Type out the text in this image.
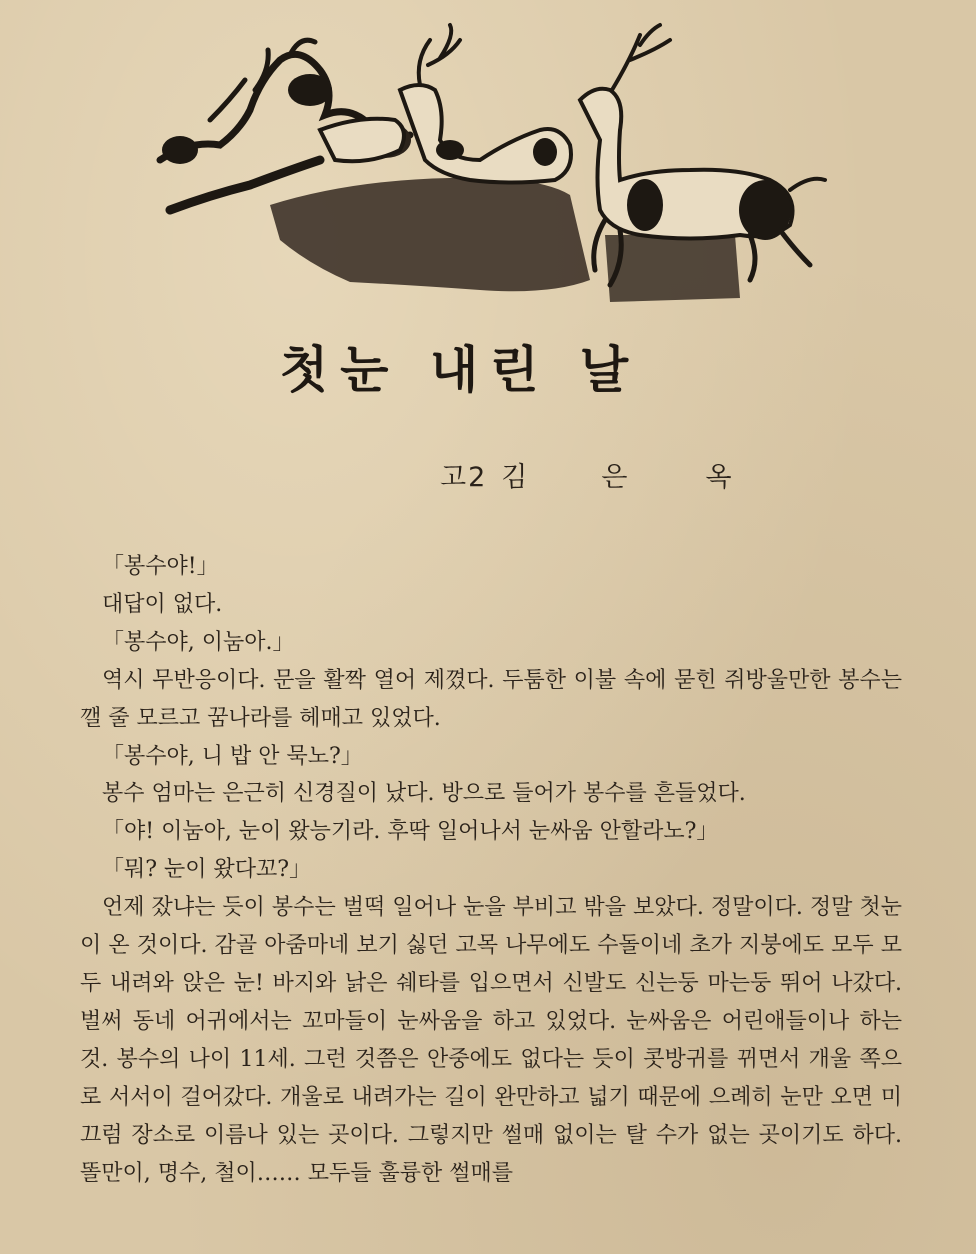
첫눈 내린 날
고2 김	은	옥

「봉수야!」

대답이 없다.

「봉수야, 이눔아.」

역시 무반응이다. 문을 활짝 열어 제꼈다. 두툼한 이불 속에 묻힌 쥐방울만한 봉수는 깰 줄 모르고 꿈나라를 헤매고 있었다.

「봉수야, 니 밥 안 묵노?」

봉수 엄마는 은근히 신경질이 났다. 방으로 들어가 봉수를 흔들었다.

「야! 이눔아, 눈이 왔능기라. 후딱 일어나서 눈싸움 안할라노?」

「뭐? 눈이 왔다꼬?」

언제 잤냐는 듯이 봉수는 벌떡 일어나 눈을 부비고 밖을 보았다. 정말이다. 정말 첫눈이 온 것이다. 감골 아줌마네 보기 싫던 고목 나무에도 수돌이네 초가 지붕에도 모두 모두 내려와 앉은 눈! 바지와 낡은 쉐타를 입으면서 신발도 신는둥 마는둥 뛰어 나갔다. 벌써 동네 어귀에서는 꼬마들이 눈싸움을 하고 있었다. 눈싸움은 어린애들이나 하는 것. 봉수의 나이 11세. 그런 것쯤은 안중에도 없다는 듯이 콧방귀를 뀌면서 개울 쪽으로 서서이 걸어갔다. 개울로 내려가는 길이 완만하고 넓기 때문에 으례히 눈만 오면 미끄럼 장소로 이름나 있는 곳이다. 그렇지만 썰매 없이는 탈 수가 없는 곳이기도 하다. 똘만이, 명수, 철이…… 모두들 훌륭한 썰매를
